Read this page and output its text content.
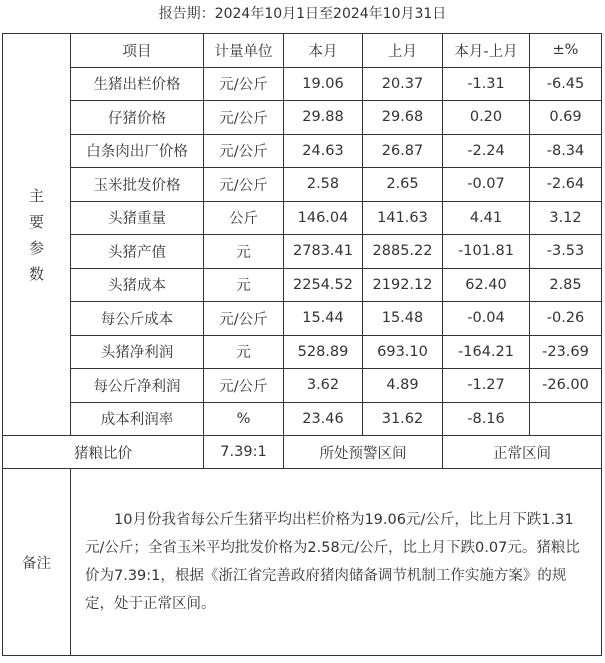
报告期：2024年10月1日至2024年10月31日
主
要
参
数	项目	计量单位	本月	上月	本月-上月	±%
	生猪出栏价格	元/公斤	19.06	20.37	-1.31	-6.45
	仔猪价格	元/公斤	29.88	29.68	0.20	0.69
	白条肉出厂价格	元/公斤	24.63	26.87	-2.24	-8.34
	玉米批发价格	元/公斤	2.58	2.65	-0.07	-2.64
	头猪重量	公斤	146.04	141.63	4.41	3.12
	头猪产值	元	2783.41	2885.22	-101.81	-3.53
	头猪成本	元	2254.52	2192.12	62.40	2.85
	每公斤成本	元/公斤	15.44	15.48	-0.04	-0.26
	头猪净利润	元	528.89	693.10	-164.21	-23.69
	每公斤净利润	元/公斤	3.62	4.89	-1.27	-26.00
	成本利润率	%	23.46	31.62	-8.16	
猪粮比价		7.39:1	所处预警区间		正常区间	
备注	10月份我省每公斤生猪平均出栏价格为19.06元/公斤，比上月下跌1.31元/公斤；全省玉米平均批发价格为2.58元/公斤，比上月下跌0.07元。猪粮比价为7.39:1，根据《浙江省完善政府猪肉储备调节机制工作实施方案》的规定，处于正常区间。					
